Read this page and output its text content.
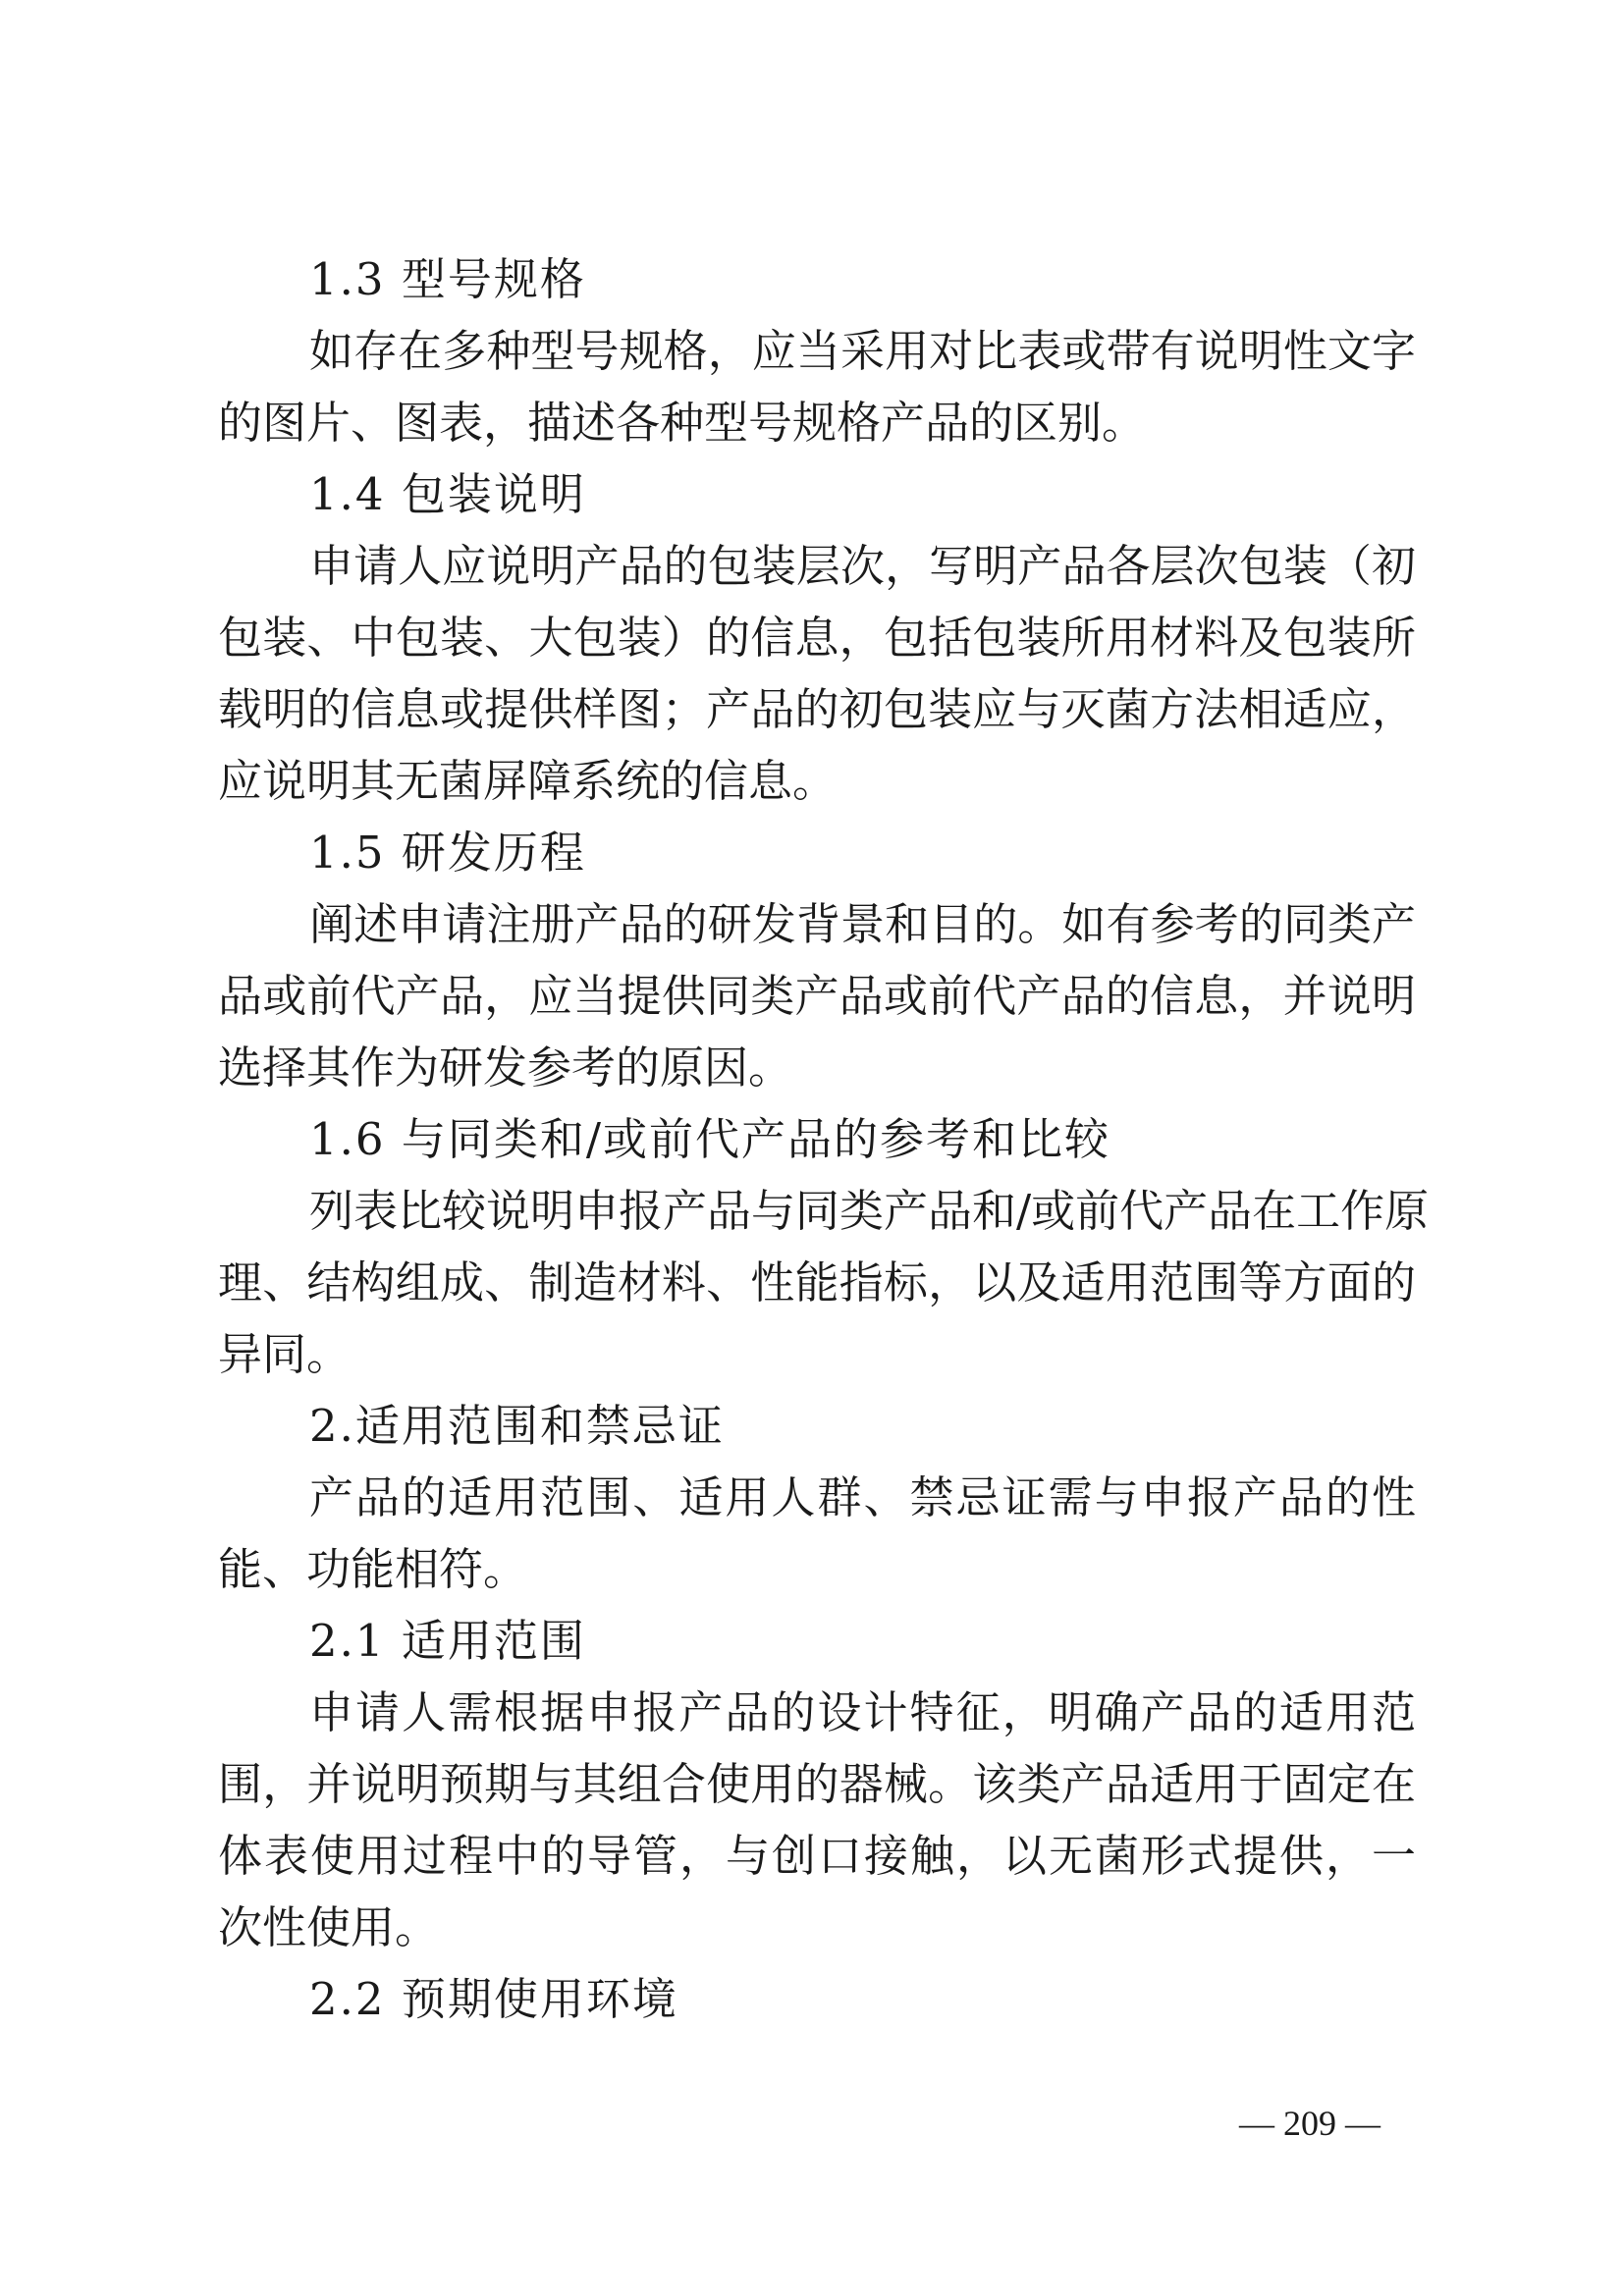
1.3 型号规格
如存在多种型号规格，应当采用对比表或带有说明性文字
的图片、图表，描述各种型号规格产品的区别。
1.4 包装说明
申请人应说明产品的包装层次，写明产品各层次包装（初
包装、中包装、大包装）的信息，包括包装所用材料及包装所
载明的信息或提供样图；产品的初包装应与灭菌方法相适应，
应说明其无菌屏障系统的信息。
1.5 研发历程
阐述申请注册产品的研发背景和目的。如有参考的同类产
品或前代产品，应当提供同类产品或前代产品的信息，并说明
选择其作为研发参考的原因。
1.6 与同类和/或前代产品的参考和比较
列表比较说明申报产品与同类产品和/或前代产品在工作原
理、结构组成、制造材料、性能指标，以及适用范围等方面的
异同。
2.适用范围和禁忌证
产品的适用范围、适用人群、禁忌证需与申报产品的性
能、功能相符。
2.1 适用范围
申请人需根据申报产品的设计特征，明确产品的适用范
围，并说明预期与其组合使用的器械。该类产品适用于固定在
体表使用过程中的导管，与创口接触，以无菌形式提供，一
次性使用。
2.2 预期使用环境
— 209 —
